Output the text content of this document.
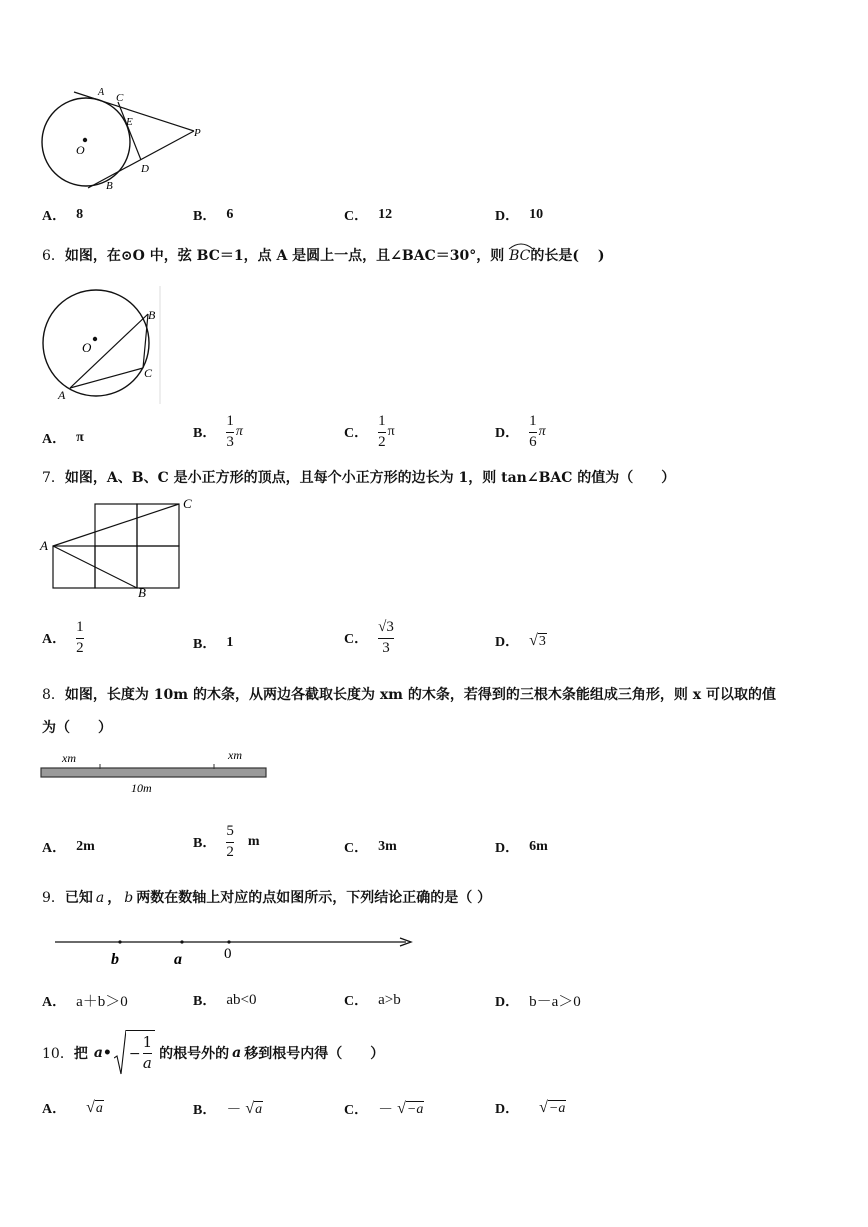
A C
E
P
O
D
B
A． 8	B． 6	C． 12	D． 10
6．如图，在⊙O 中，弦 BC＝1，点 A 是圆上一点，且∠BAC＝30°，则 BC的长是(　 )
B
O
C
A
A． π	B． $\frac{1}{3}$ π	C． $\frac{1}{2}$ π	D． $\frac{1}{6}$ π
7．如图，A、B、C 是小正方形的顶点，且每个小正方形的边长为 1，则 tan∠BAC 的值为（　　）
A
B
C
A． $\frac{1}{2}$	B． 1	C． $\frac{√3}{3}$	D． √ 3
8．如图，长度为 10m 的木条，从两边各截取长度为 xm 的木条，若得到的三根木条能组成三角形，则 x 可以取的值
为（　　）
xm	xm
10m
A． 2m	B． $\frac{5}{2}$ m	C． 3m	D． 6m
9．已知 a ， b 两数在数轴上对应的点如图所示，下列结论正确的是（ ）
b	a	0
A． a＋b＞0	B． ab<0	C． a>b	D． b－a＞0
10． 把 a• − $\frac{1}{a}$ 的根号外的 a 移到根号内得（　　）
A． √ a	B． － √ a	C． － √ −a	D． √ −a
